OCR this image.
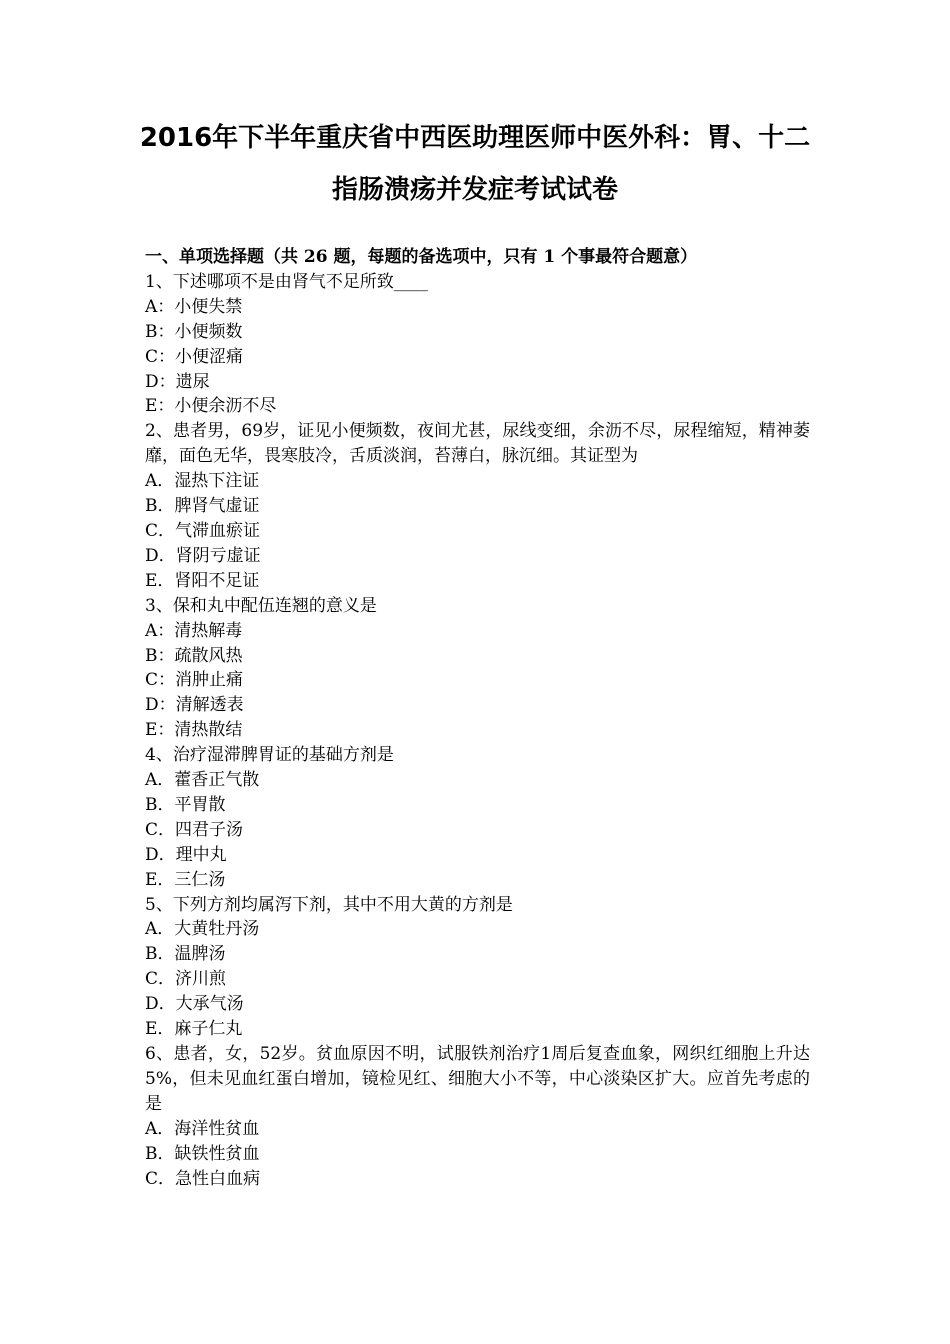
2016年下半年重庆省中西医助理医师中医外科：胃、十二
指肠溃疡并发症考试试卷
一、单项选择题（共 26 题，每题的备选项中，只有 1 个事最符合题意）
1、下述哪项不是由肾气不足所致____
A：小便失禁
B：小便频数
C：小便涩痛
D：遗尿
E：小便余沥不尽
2、患者男，69岁，证见小便频数，夜间尤甚，尿线变细，余沥不尽，尿程缩短，精神萎靡，面色无华，畏寒肢冷，舌质淡润，苔薄白，脉沉细。其证型为
A．湿热下注证
B．脾肾气虚证
C．气滞血瘀证
D．肾阴亏虚证
E．肾阳不足证
3、保和丸中配伍连翘的意义是
A：清热解毒
B：疏散风热
C：消肿止痛
D：清解透表
E：清热散结
4、治疗湿滞脾胃证的基础方剂是
A．藿香正气散
B．平胃散
C．四君子汤
D．理中丸
E．三仁汤
5、下列方剂均属泻下剂，其中不用大黄的方剂是
A．大黄牡丹汤
B．温脾汤
C．济川煎
D．大承气汤
E．麻子仁丸
6、患者，女，52岁。贫血原因不明，试服铁剂治疗1周后复查血象，网织红细胞上升达5%，但未见血红蛋白增加，镜检见红、细胞大小不等，中心淡染区扩大。应首先考虑的是
A．海洋性贫血
B．缺铁性贫血
C．急性白血病
